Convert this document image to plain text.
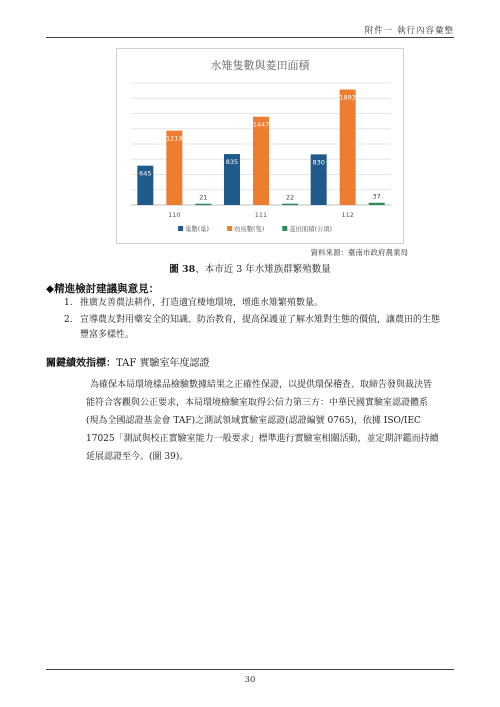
附件一 執行內容彙整
水雉隻數與菱田面積
645
1219
21
110
835
1447
22
111
830
1893
37
112
巢數(巢)	幼鳥數(隻)	菱田面積(公頃)
資料來源：臺南市政府農業局
圖 38、本市近 3 年水雉族群繁殖數量
◆精進檢討建議與意見：
1. 推廣友善農法耕作，打造適宜棲地環境，增進水雉繁殖數量。
2. 宣導農友對用藥安全的知識、防治教育，提高保護並了解水雉對生態的價值，讓農田的生態豐富多樣性。
關鍵績效指標：TAF 實驗室年度認證
為確保本局環境樣品檢驗數據結果之正確性保證，以提供環保稽查、取締告發與裁決皆能符合客觀與公正要求，本局環境檢驗室取得公信力第三方：中華民國實驗室認證體系(現為全國認證基金會 TAF)之測試領域實驗室認證(認證編號 0765)，依據 ISO/IEC 17025「測試與校正實驗室能力一般要求」標準進行實驗室相關活動，並定期評鑑而持續延展認證至今。(圖 39)。
30
